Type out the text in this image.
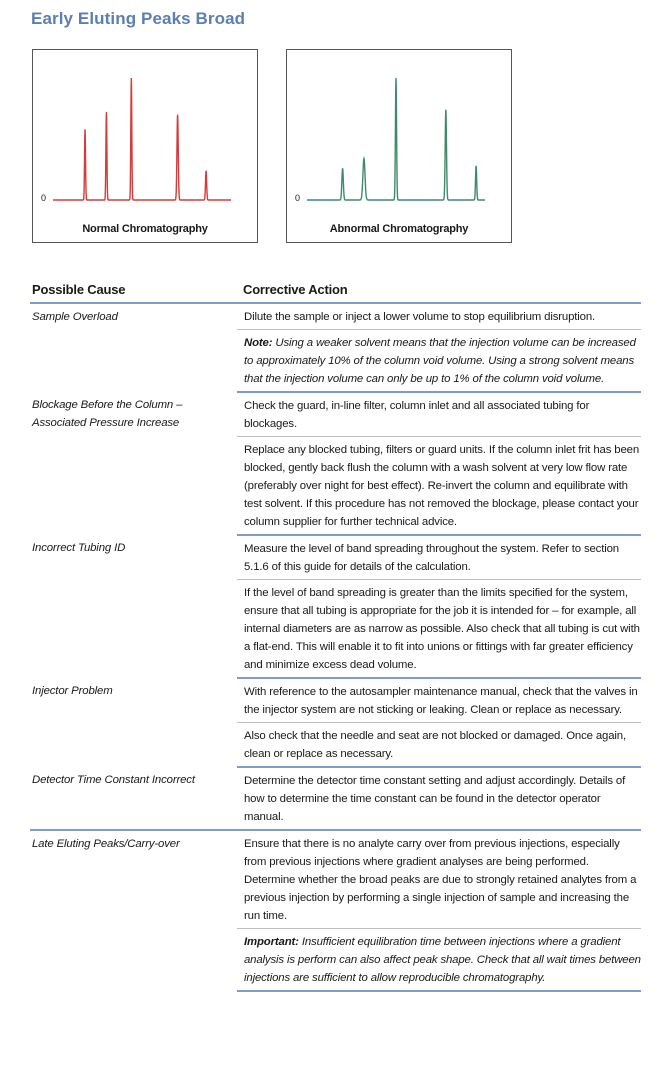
Early Eluting Peaks Broad
0
Normal Chromatography
0
Abnormal Chromatography
Possible Cause	Corrective Action
Sample Overload	Dilute the sample or inject a lower volume to stop equilibrium disruption.
	Note: Using a weaker solvent means that the injection volume can be increased to approximately 10% of the column void volume. Using a strong solvent means that the injection volume can only be up to 1% of the column void volume.
Blockage Before the Column – Associated Pressure Increase	Check the guard, in-line filter, column inlet and all associated tubing for blockages.
	Replace any blocked tubing, filters or guard units. If the column inlet frit has been blocked, gently back flush the column with a wash solvent at very low flow rate (preferably over night for best effect). Re-invert the column and equilibrate with test solvent. If this procedure has not removed the blockage, please contact your column supplier for further technical advice.
Incorrect Tubing ID	Measure the level of band spreading throughout the system. Refer to section 5.1.6 of this guide for details of the calculation.
	If the level of band spreading is greater than the limits specified for the system, ensure that all tubing is appropriate for the job it is intended for – for example, all internal diameters are as narrow as possible. Also check that all tubing is cut with a flat-end. This will enable it to fit into unions or fittings with far greater efficiency and minimize excess dead volume.
Injector Problem	With reference to the autosampler maintenance manual, check that the valves in the injector system are not sticking or leaking. Clean or replace as necessary.
	Also check that the needle and seat are not blocked or damaged. Once again, clean or replace as necessary.
Detector Time Constant Incorrect	Determine the detector time constant setting and adjust accordingly. Details of how to determine the time constant can be found in the detector operator manual.
Late Eluting Peaks/Carry-over	Ensure that there is no analyte carry over from previous injections, especially from previous injections where gradient analyses are being performed. Determine whether the broad peaks are due to strongly retained analytes from a previous injection by performing a single injection of sample and increasing the run time.
	Important: Insufficient equilibration time between injections where a gradient analysis is perform can also affect peak shape. Check that all wait times between injections are sufficient to allow reproducible chromatography.
